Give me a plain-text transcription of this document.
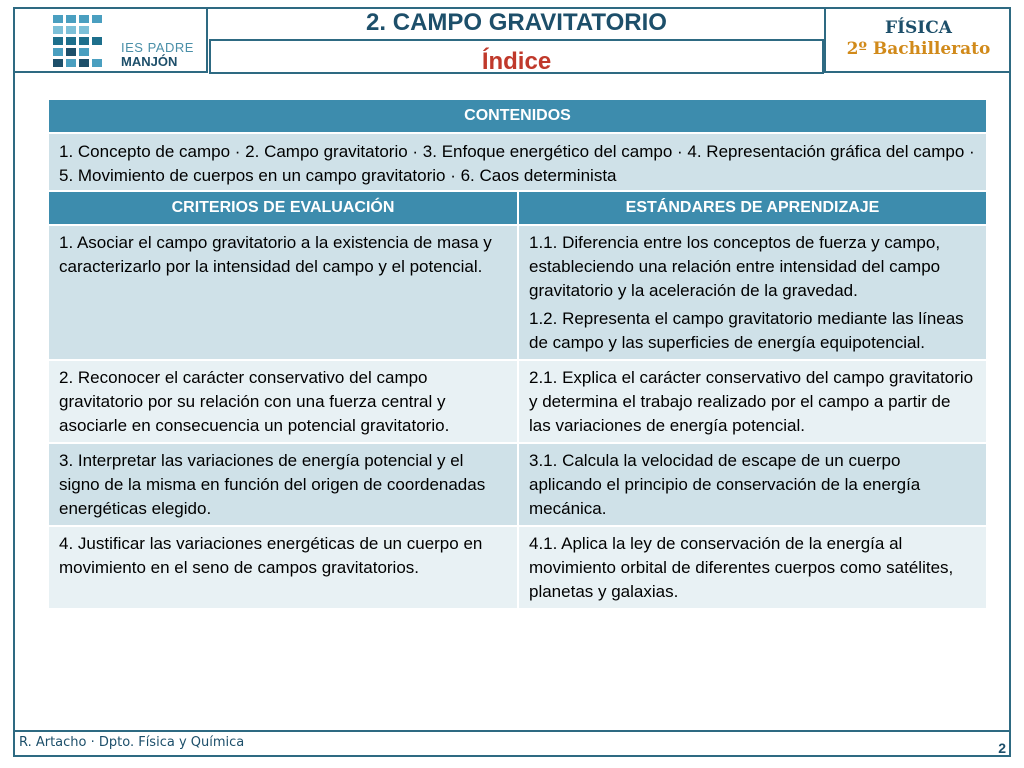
IES PADRE
MANJÓN
2. CAMPO GRAVITATORIO
Índice
FÍSICA
2º Bachillerato
CONTENIDOS	

1. Concepto de campo · 2. Campo gravitatorio · 3. Enfoque energético del campo · 4. Representación gráfica del campo · 5. Movimiento de cuerpos en un campo gravitatorio · 6. Caos determinista	

CRITERIOS DE EVALUACIÓN	ESTÁNDARES DE APRENDIZAJE

1. Asociar el campo gravitatorio a la existencia de masa y caracterizarlo por la intensidad del campo y el potencial.	1.1. Diferencia entre los conceptos de fuerza y campo, estableciendo una relación entre intensidad del campo gravitatorio y la aceleración de la gravedad.
1.2. Representa el campo gravitatorio mediante las líneas de campo y las superficies de energía equipotencial.

2. Reconocer el carácter conservativo del campo gravitatorio por su relación con una fuerza central y asociarle en consecuencia un potencial gravitatorio.	2.1. Explica el carácter conservativo del campo gravitatorio y determina el trabajo realizado por el campo a partir de las variaciones de energía potencial.

3. Interpretar las variaciones de energía potencial y el signo de la misma en función del origen de coordenadas energéticas elegido.	3.1. Calcula la velocidad de escape de un cuerpo aplicando el principio de conservación de la energía mecánica.

4. Justificar las variaciones energéticas de un cuerpo en movimiento en el seno de campos gravitatorios.	4.1. Aplica la ley de conservación de la energía al movimiento orbital de diferentes cuerpos como satélites, planetas y galaxias.
R. Artacho · Dpto. Física y Química	2
